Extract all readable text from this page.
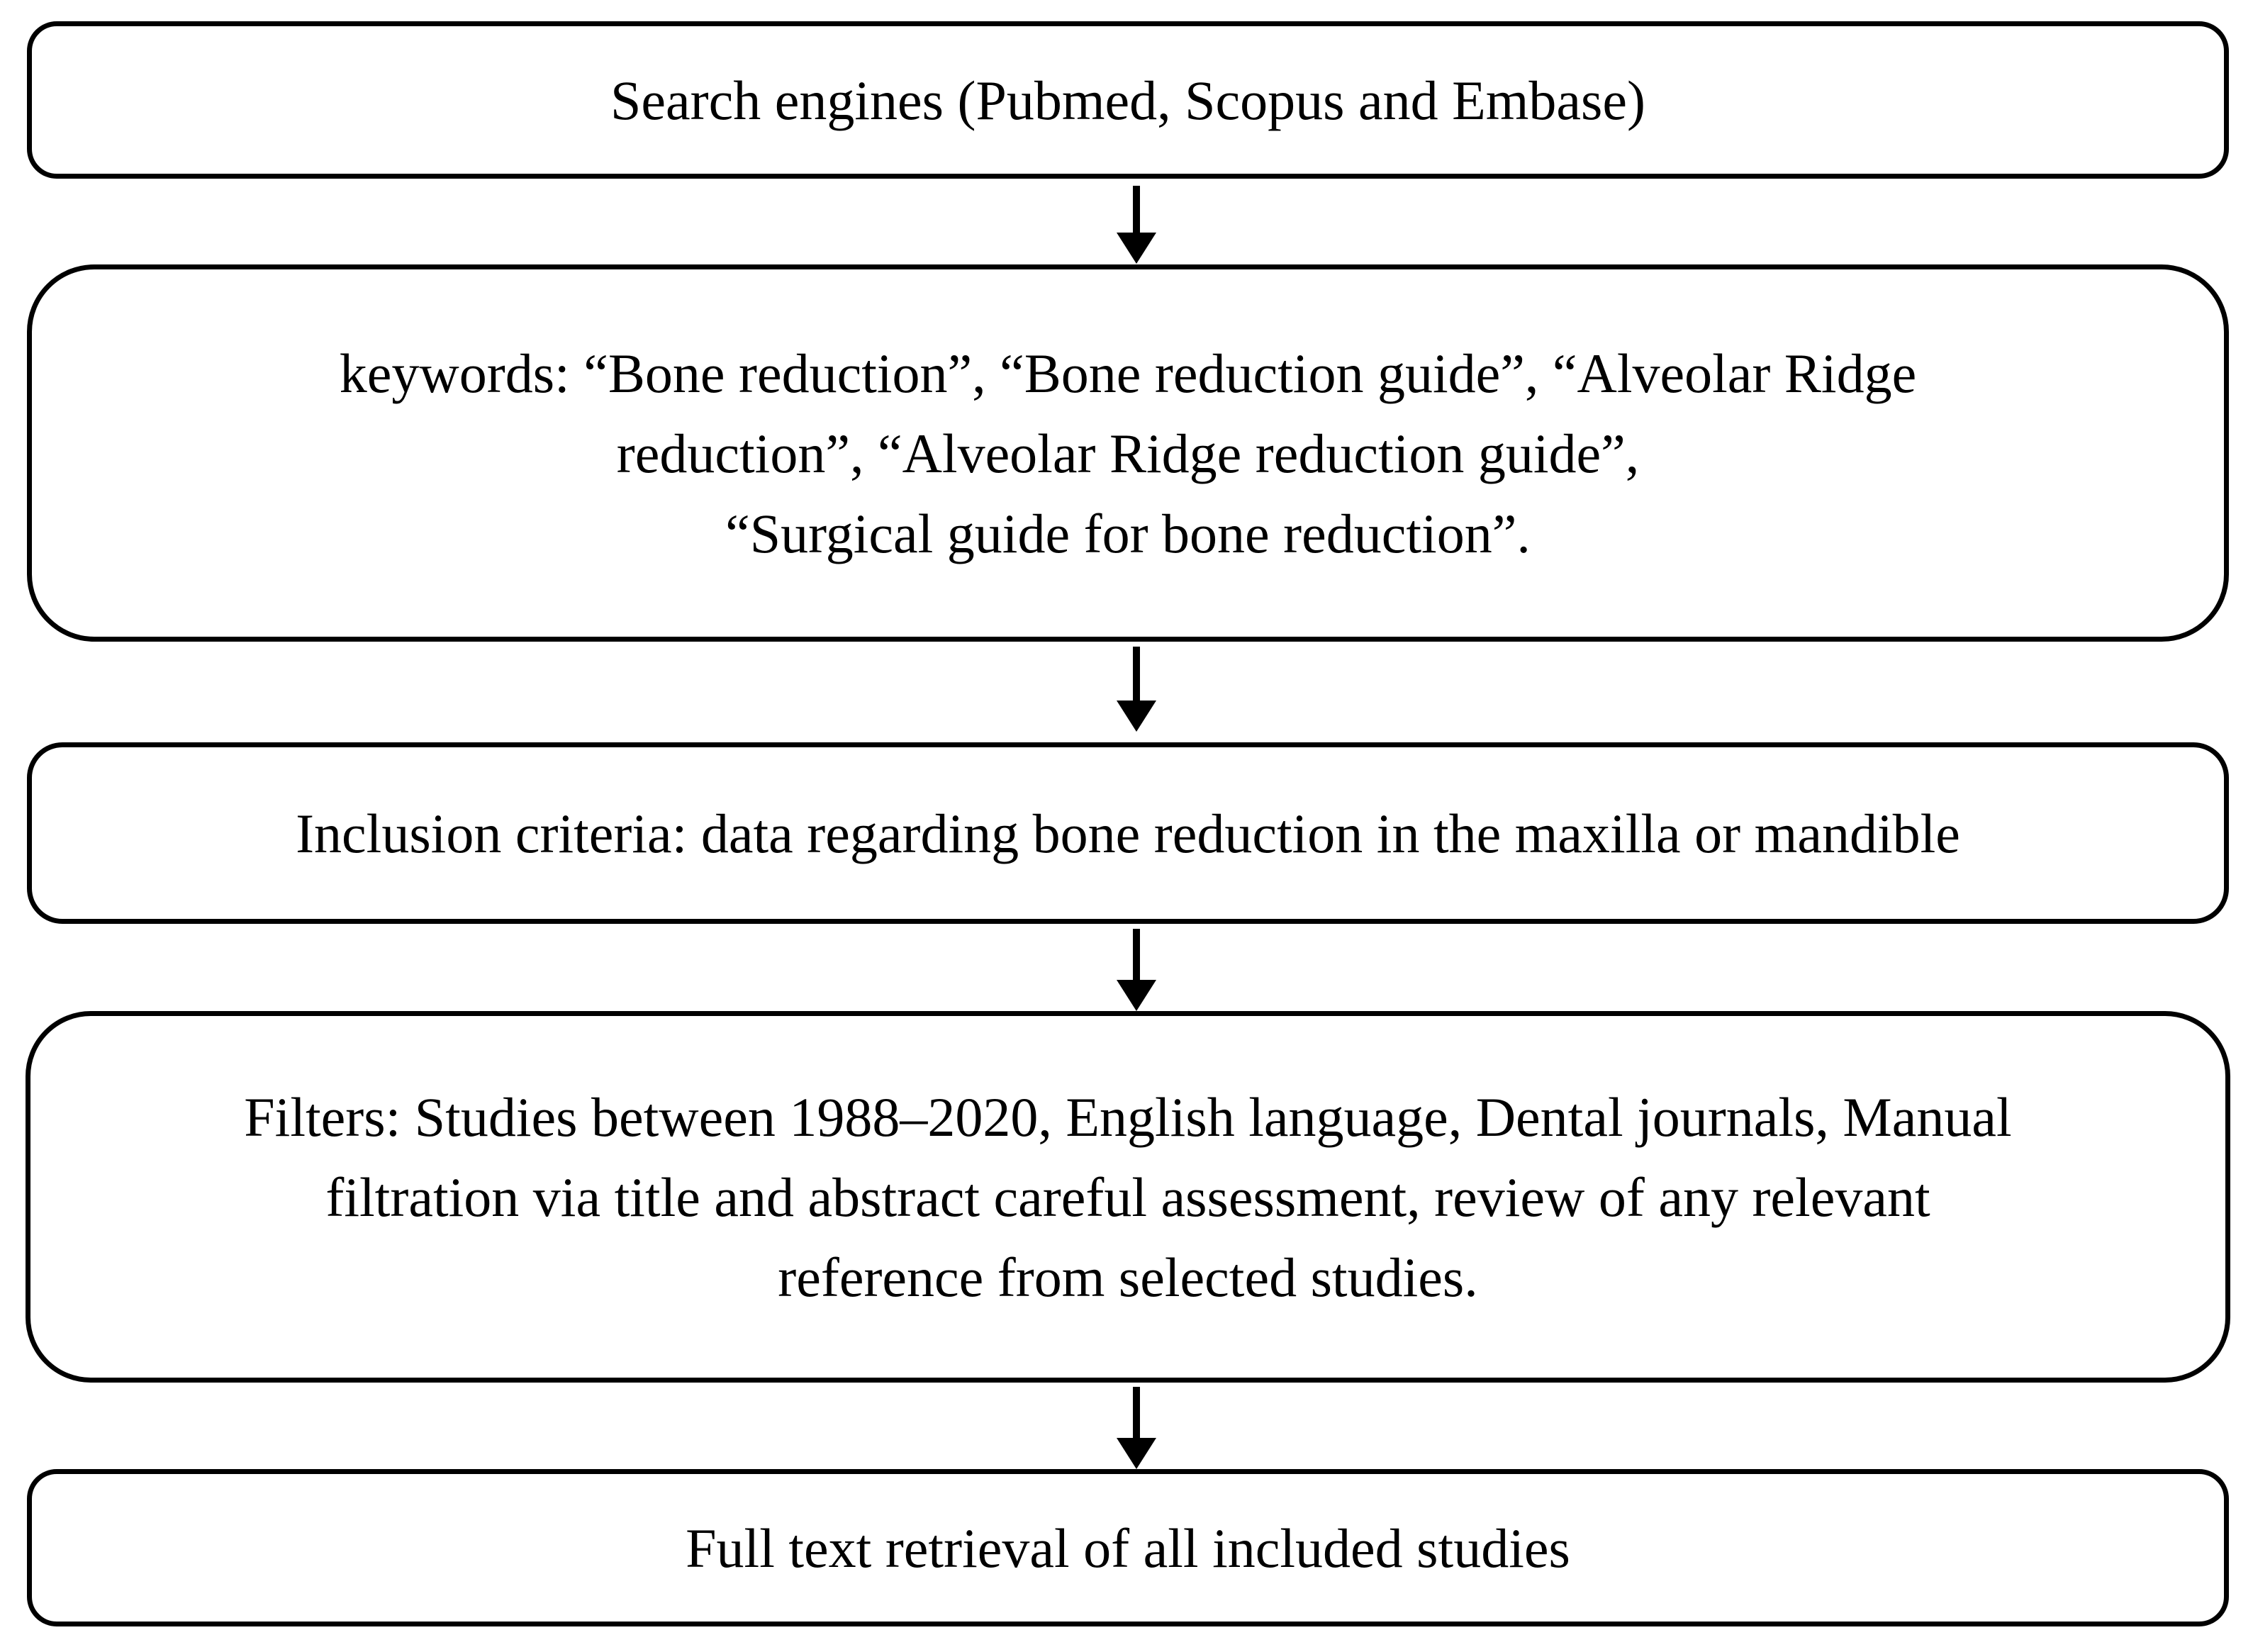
Search engines (Pubmed, Scopus and Embase)
keywords: “Bone reduction”, “Bone reduction guide”, “Alveolar Ridge
reduction”, “Alveolar Ridge reduction guide”,
“Surgical guide for bone reduction”.
Inclusion criteria: data regarding bone reduction in the maxilla or mandible
Filters: Studies between 1988–2020, English language, Dental journals, Manual
filtration via title and abstract careful assessment, review of any relevant
reference from selected studies.
Full text retrieval of all included studies
